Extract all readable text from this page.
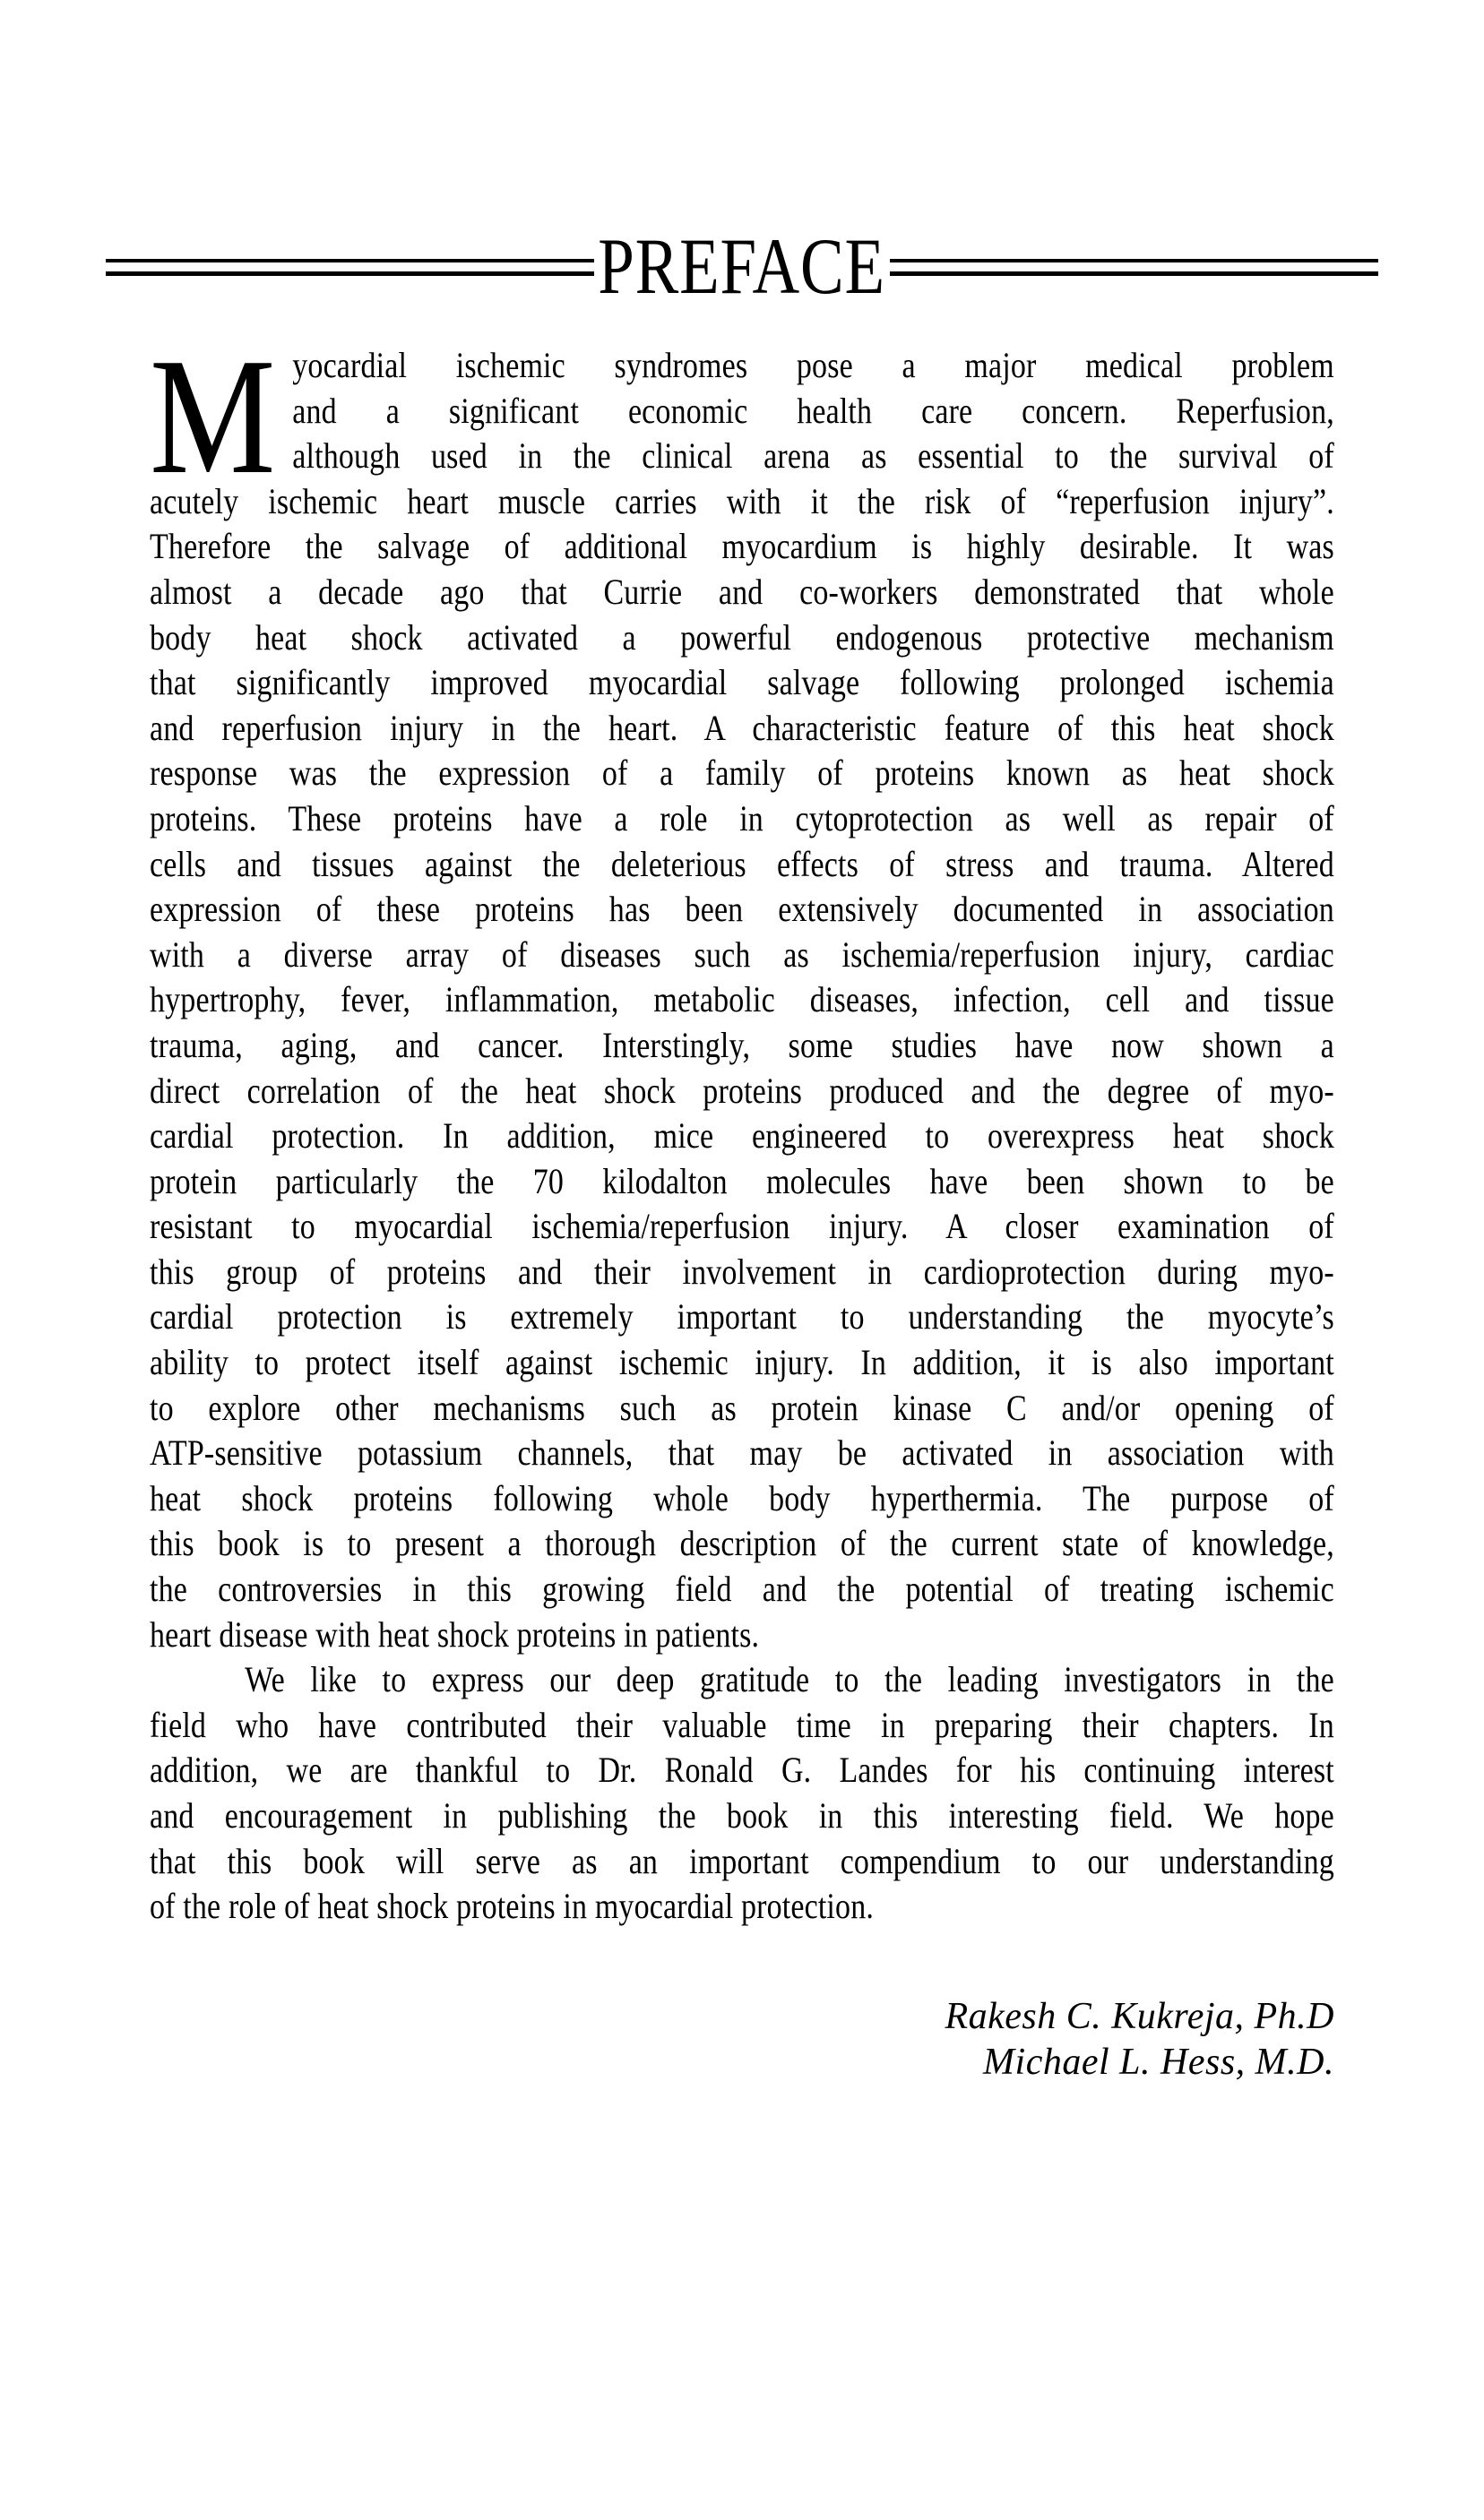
PREFACE
M yocardial ischemic syndromes pose a major medical problem
and a significant economic health care concern. Reperfusion,
although used in the clinical arena as essential to the survival of
acutely ischemic heart muscle carries with it the risk of “reperfusion injury”.
Therefore the salvage of additional myocardium is highly desirable. It was
almost a decade ago that Currie and co-workers demonstrated that whole
body heat shock activated a powerful endogenous protective mechanism
that significantly improved myocardial salvage following prolonged ischemia
and reperfusion injury in the heart. A characteristic feature of this heat shock
response was the expression of a family of proteins known as heat shock
proteins. These proteins have a role in cytoprotection as well as repair of
cells and tissues against the deleterious effects of stress and trauma. Altered
expression of these proteins has been extensively documented in association
with a diverse array of diseases such as ischemia/reperfusion injury, cardiac
hypertrophy, fever, inflammation, metabolic diseases, infection, cell and tissue
trauma, aging, and cancer. Interstingly, some studies have now shown a
direct correlation of the heat shock proteins produced and the degree of myo-
cardial protection. In addition, mice engineered to overexpress heat shock
protein particularly the 70 kilodalton molecules have been shown to be
resistant to myocardial ischemia/reperfusion injury. A closer examination of
this group of proteins and their involvement in cardioprotection during myo-
cardial protection is extremely important to understanding the myocyte’s
ability to protect itself against ischemic injury. In addition, it is also important
to explore other mechanisms such as protein kinase C and/or opening of
ATP-sensitive potassium channels, that may be activated in association with
heat shock proteins following whole body hyperthermia. The purpose of
this book is to present a thorough description of the current state of knowledge,
the controversies in this growing field and the potential of treating ischemic
heart disease with heat shock proteins in patients.
We like to express our deep gratitude to the leading investigators in the
field who have contributed their valuable time in preparing their chapters. In
addition, we are thankful to Dr. Ronald G. Landes for his continuing interest
and encouragement in publishing the book in this interesting field. We hope
that this book will serve as an important compendium to our understanding
of the role of heat shock proteins in myocardial protection.
Rakesh C. Kukreja, Ph.D
Michael L. Hess, M.D.
